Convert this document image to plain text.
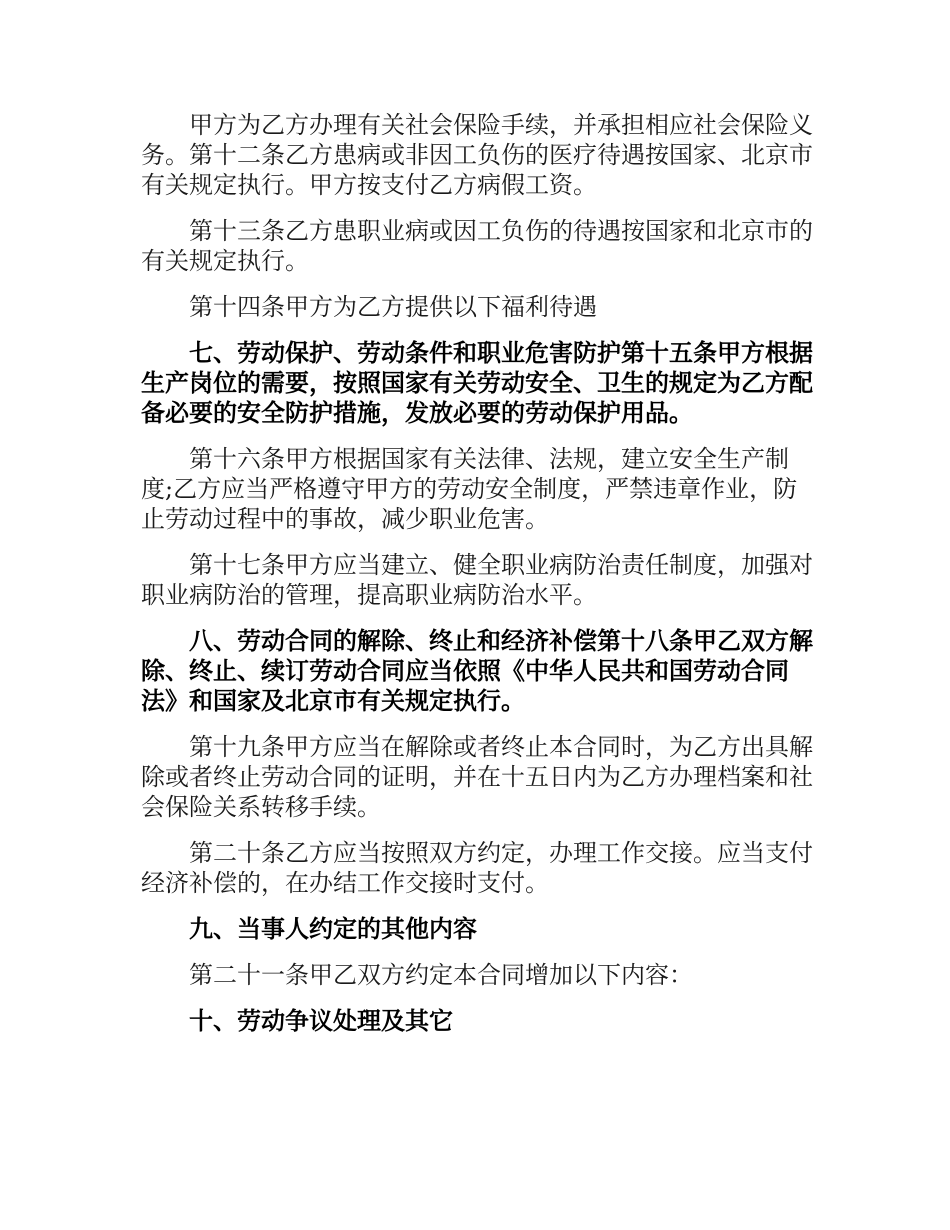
甲方为乙方办理有关社会保险手续，并承担相应社会保险义务。第十二条乙方患病或非因工负伤的医疗待遇按国家、北京市有关规定执行。甲方按支付乙方病假工资。

第十三条乙方患职业病或因工负伤的待遇按国家和北京市的有关规定执行。

第十四条甲方为乙方提供以下福利待遇

七、劳动保护、劳动条件和职业危害防护第十五条甲方根据生产岗位的需要，按照国家有关劳动安全、卫生的规定为乙方配备必要的安全防护措施，发放必要的劳动保护用品。

第十六条甲方根据国家有关法律、法规，建立安全生产制度;乙方应当严格遵守甲方的劳动安全制度，严禁违章作业，防止劳动过程中的事故，减少职业危害。

第十七条甲方应当建立、健全职业病防治责任制度，加强对职业病防治的管理，提高职业病防治水平。

八、劳动合同的解除、终止和经济补偿第十八条甲乙双方解除、终止、续订劳动合同应当依照《中华人民共和国劳动合同法》和国家及北京市有关规定执行。

第十九条甲方应当在解除或者终止本合同时，为乙方出具解除或者终止劳动合同的证明，并在十五日内为乙方办理档案和社会保险关系转移手续。

第二十条乙方应当按照双方约定，办理工作交接。应当支付经济补偿的，在办结工作交接时支付。

九、当事人约定的其他内容

第二十一条甲乙双方约定本合同增加以下内容：

十、劳动争议处理及其它
